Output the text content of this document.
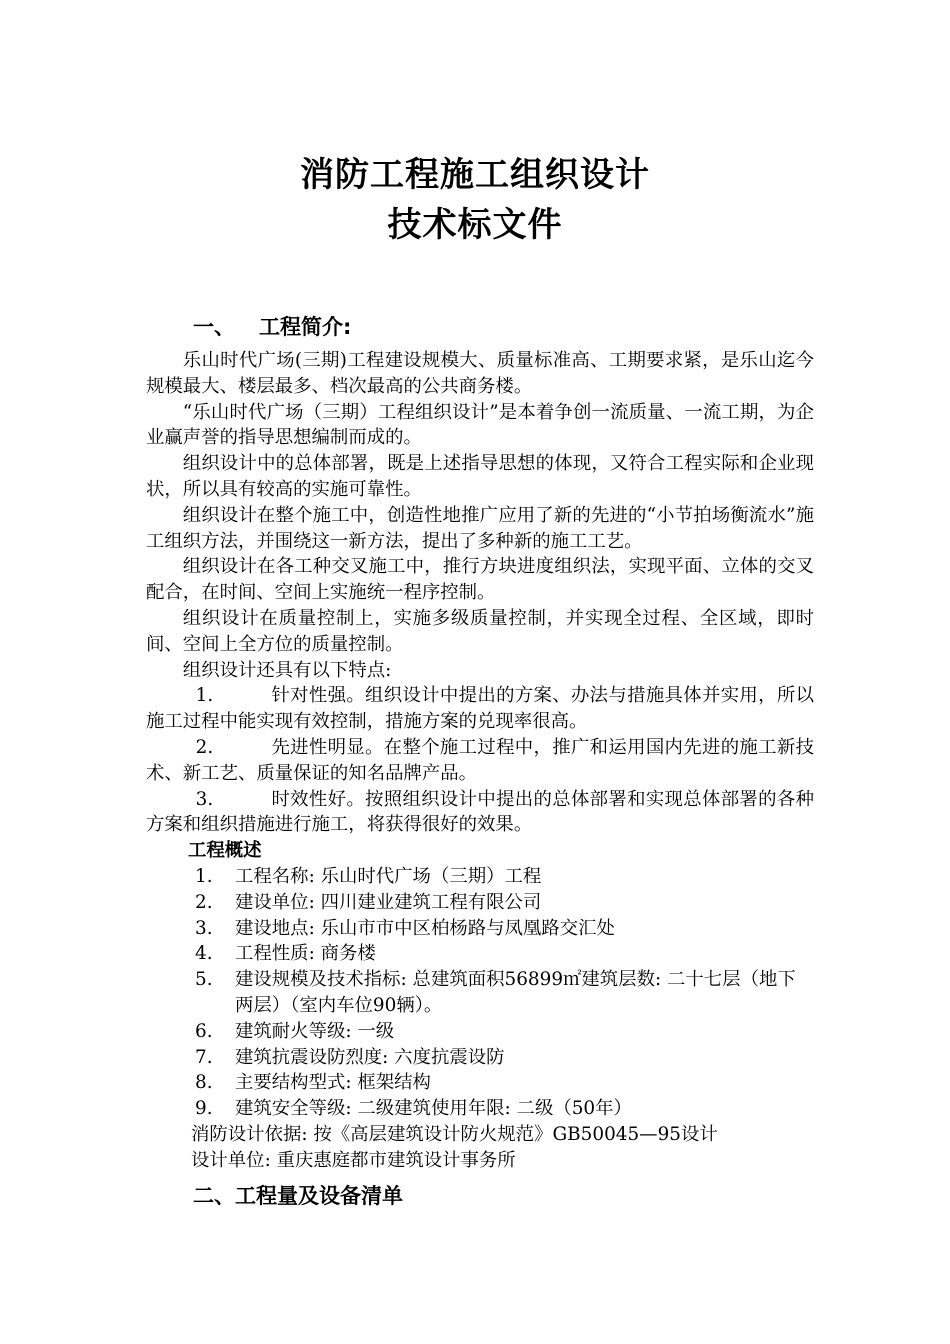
消防工程施工组织设计
技术标文件
一、 工程简介:

乐山时代广场(三期)工程建设规模大、质量标准高、工期要求紧，是乐山迄今规模最大、楼层最多、档次最高的公共商务楼。

“乐山时代广场（三期）工程组织设计”是本着争创一流质量、一流工期，为企业赢声誉的指导思想编制而成的。

组织设计中的总体部署，既是上述指导思想的体现，又符合工程实际和企业现状，所以具有较高的实施可靠性。

组织设计在整个施工中，创造性地推广应用了新的先进的“小节拍场衡流水”施工组织方法，并围绕这一新方法，提出了多种新的施工工艺。

组织设计在各工种交叉施工中，推行方块进度组织法，实现平面、立体的交叉配合，在时间、空间上实施统一程序控制。

组织设计在质量控制上，实施多级质量控制，并实现全过程、全区域，即时间、空间上全方位的质量控制。

组织设计还具有以下特点:

1.	针对性强。组织设计中提出的方案、办法与措施具体并实用，所以施工过程中能实现有效控制，措施方案的兑现率很高。

2.	先进性明显。在整个施工过程中，推广和运用国内先进的施工新技术、新工艺、质量保证的知名品牌产品。

3.	时效性好。按照组织设计中提出的总体部署和实现总体部署的各种方案和组织措施进行施工，将获得很好的效果。

工程概述

1. 工程名称: 乐山时代广场（三期）工程
2. 建设单位: 四川建业建筑工程有限公司
3. 建设地点: 乐山市市中区柏杨路与凤凰路交汇处
4. 工程性质: 商务楼
5. 建设规模及技术指标: 总建筑面积56899㎡建筑层数: 二十七层（地下两层）（室内车位90辆）。
6. 建筑耐火等级: 一级
7. 建筑抗震设防烈度: 六度抗震设防
8. 主要结构型式: 框架结构
9. 建筑安全等级: 二级建筑使用年限: 二级（50年）

消防设计依据: 按《高层建筑设计防火规范》GB50045—95设计

设计单位: 重庆惠庭都市建筑设计事务所

二、工程量及设备清单
